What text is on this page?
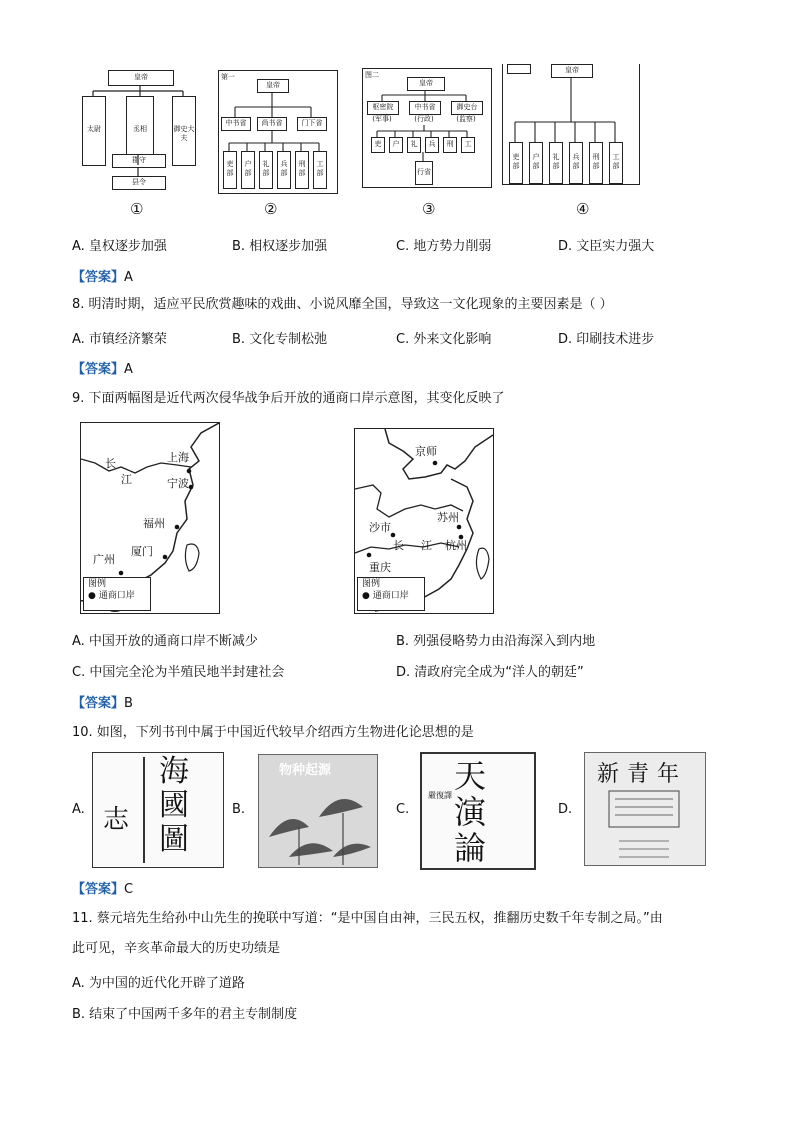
皇帝
太尉	丞相	御史大夫
郡守
县令
①
第一
皇帝
中书省	尚书省	门下省
吏部
户部
礼部
兵部
刑部
工部
②
图二
皇帝
枢密院	中书省	御史台
(军事)	(行政)	(监察)
吏	户	礼	兵	刑	工
行省
③
皇帝
吏部
户部
礼部
兵部
刑部
工部
④
A. 皇权逐步加强	B. 相权逐步加强	C. 地方势力削弱	D. 文臣实力强大
【答案】A
8. 明清时期，适应平民欣赏趣味的戏曲、小说风靡全国，导致这一文化现象的主要因素是（ ）
A. 市镇经济繁荣	B. 文化专制松弛	C. 外来文化影响	D. 印刷技术进步
【答案】A
9. 下面两幅图是近代两次侵华战争后开放的通商口岸示意图，其变化反映了
长
江
上海
宁波
福州
厦门
广州
图例
● 通商口岸
京师
沙市
苏州
长 江 杭州
重庆
图例
● 通商口岸
A. 中国开放的通商口岸不断减少	B. 列强侵略势力由沿海深入到内地
C. 中国完全沦为半殖民地半封建社会	D. 清政府完全成为“洋人的朝廷”
【答案】B
10. 如图，下列书刊中属于中国近代较早介绍西方生物进化论思想的是
A.
海
國
圖
志	B.
物种起源
C.
天
演
論
嚴復譯
D.
新青年
【答案】C
11. 蔡元培先生给孙中山先生的挽联中写道：“是中国自由神，三民五权，推翻历史数千年专制之局。”由
此可见，辛亥革命最大的历史功绩是
A. 为中国的近代化开辟了道路
B. 结束了中国两千多年的君主专制制度
